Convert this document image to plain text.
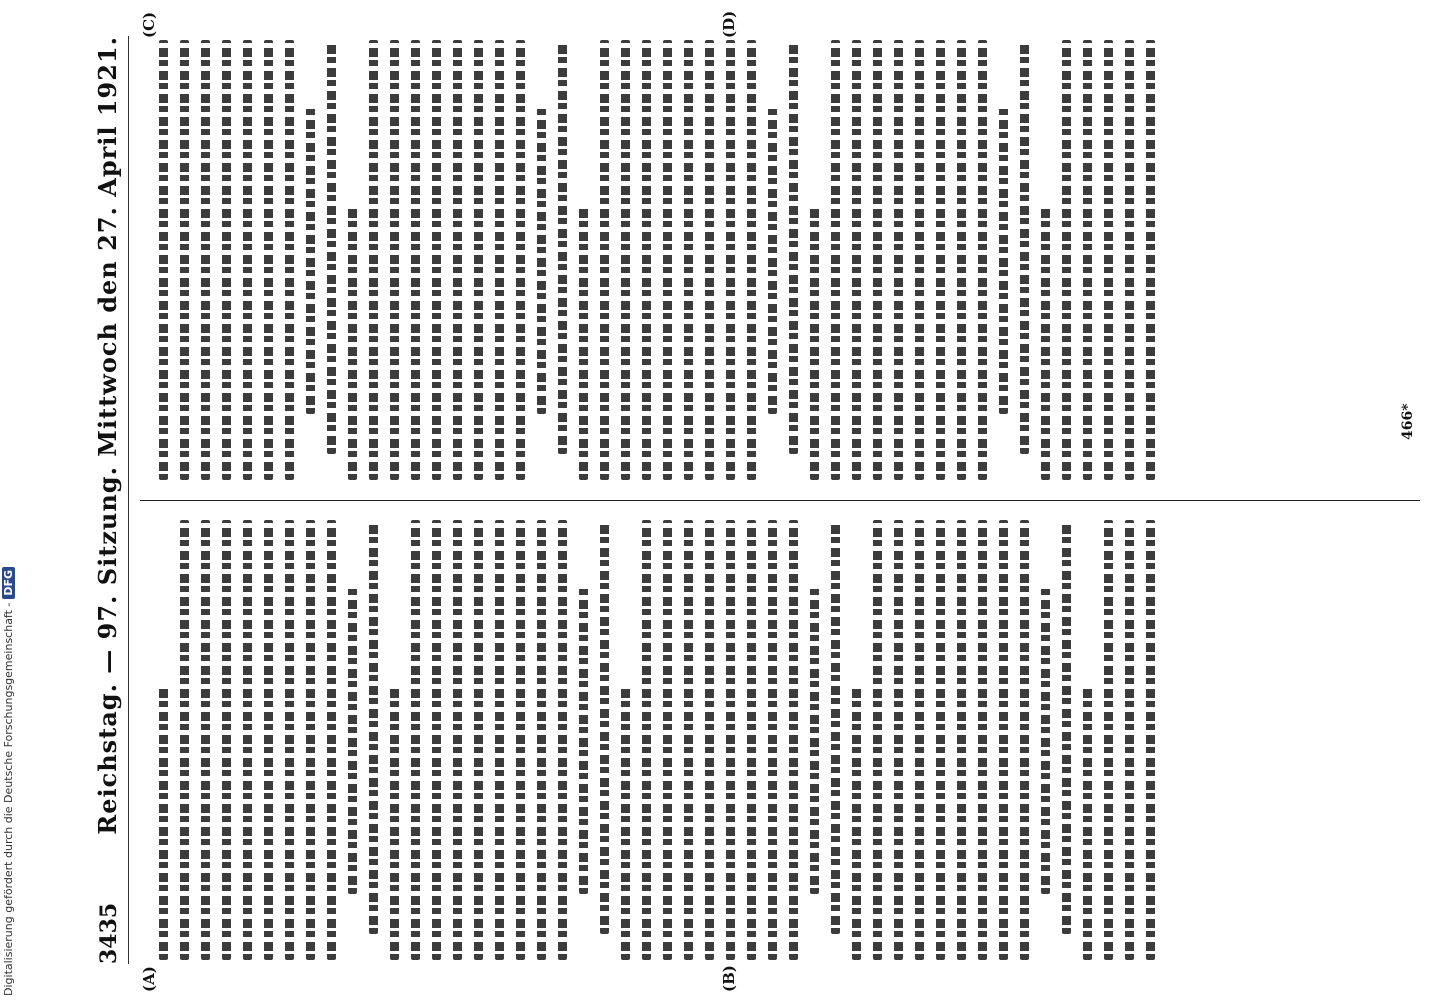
3435
Reichstag. — 97. Sitzung. Mittwoch den 27. April 1921.
(A)	(B)
(C)	(D)
466*
Digitalisierung gefördert durch die Deutsche Forschungsgemeinschaft -DFG
